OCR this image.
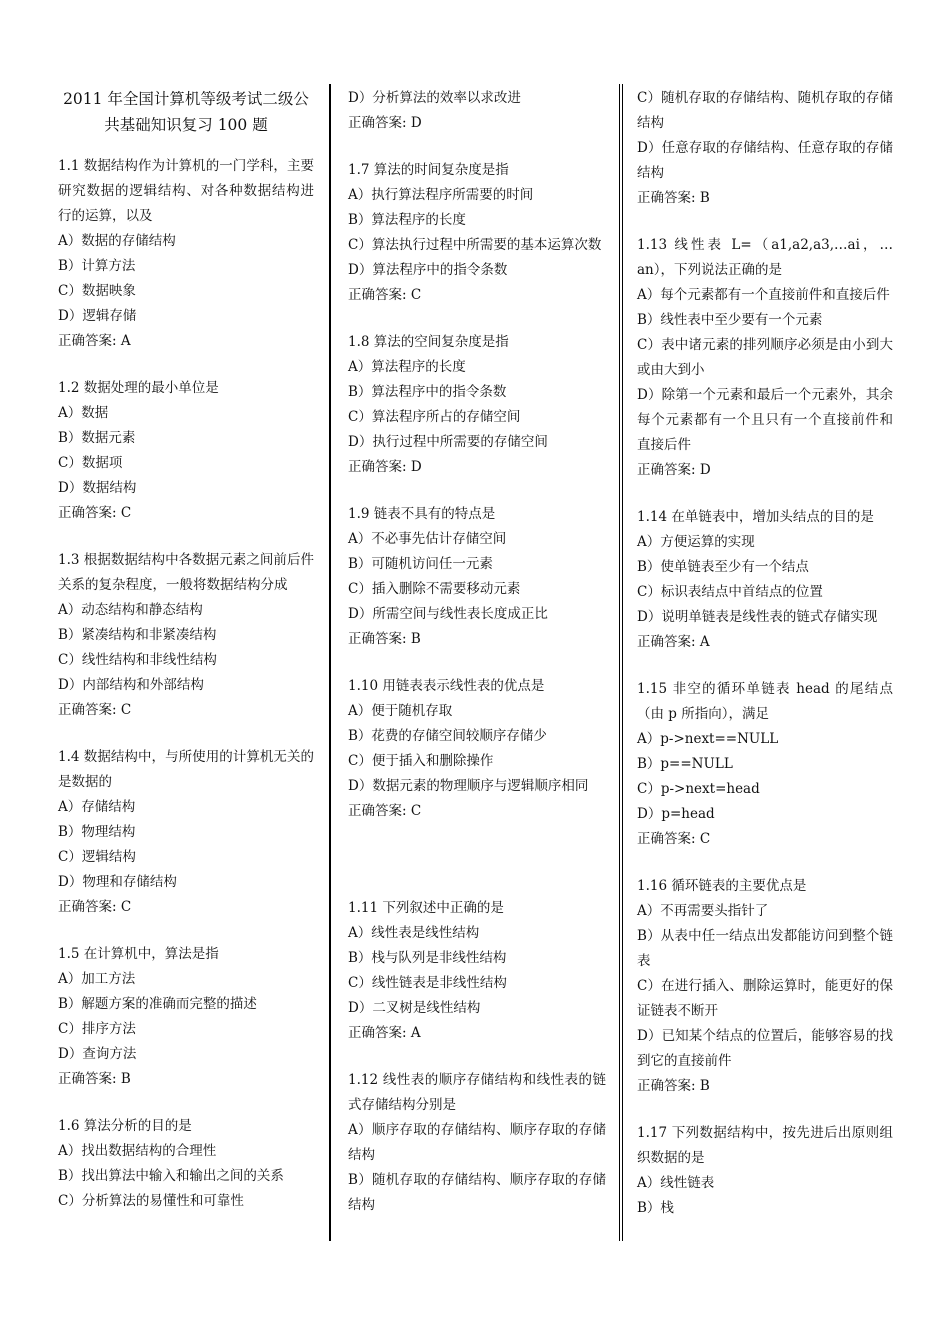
2011 年全国计算机等级考试二级公共基础知识复习 100 题
1.1 数据结构作为计算机的一门学科，主要研究数据的逻辑结构、对各种数据结构进行的运算，以及
A）数据的存储结构
B）计算方法
C）数据映象
D）逻辑存储
正确答案: A
1.2 数据处理的最小单位是
A）数据
B）数据元素
C）数据项
D）数据结构
正确答案: C
1.3 根据数据结构中各数据元素之间前后件关系的复杂程度，一般将数据结构分成
A）动态结构和静态结构
B）紧凑结构和非紧凑结构
C）线性结构和非线性结构
D）内部结构和外部结构
正确答案: C
1.4 数据结构中，与所使用的计算机无关的是数据的
A）存储结构
B）物理结构
C）逻辑结构
D）物理和存储结构
正确答案: C
1.5 在计算机中，算法是指
A）加工方法
B）解题方案的准确而完整的描述
C）排序方法
D）查询方法
正确答案: B
1.6 算法分析的目的是
A）找出数据结构的合理性
B）找出算法中输入和输出之间的关系
C）分析算法的易懂性和可靠性
D）分析算法的效率以求改进
正确答案: D
1.7 算法的时间复杂度是指
A）执行算法程序所需要的时间
B）算法程序的长度
C）算法执行过程中所需要的基本运算次数
D）算法程序中的指令条数
正确答案: C
1.8 算法的空间复杂度是指
A）算法程序的长度
B）算法程序中的指令条数
C）算法程序所占的存储空间
D）执行过程中所需要的存储空间
正确答案: D
1.9 链表不具有的特点是
A）不必事先估计存储空间
B）可随机访问任一元素
C）插入删除不需要移动元素
D）所需空间与线性表长度成正比
正确答案: B
1.10 用链表表示线性表的优点是
A）便于随机存取
B）花费的存储空间较顺序存储少
C）便于插入和删除操作
D）数据元素的物理顺序与逻辑顺序相同
正确答案: C
1.11 下列叙述中正确的是
A）线性表是线性结构
B）栈与队列是非线性结构
C）线性链表是非线性结构
D）二叉树是线性结构
正确答案: A
1.12 线性表的顺序存储结构和线性表的链式存储结构分别是
A）顺序存取的存储结构、顺序存取的存储结构
B）随机存取的存储结构、顺序存取的存储结构
C）随机存取的存储结构、随机存取的存储结构
D）任意存取的存储结构、任意存取的存储结构
正确答案: B
1.13 线性表 L=（a1,a2,a3,…ai，…an），下列说法正确的是
A）每个元素都有一个直接前件和直接后件
B）线性表中至少要有一个元素
C）表中诸元素的排列顺序必须是由小到大或由大到小
D）除第一个元素和最后一个元素外，其余每个元素都有一个且只有一个直接前件和直接后件
正确答案: D
1.14 在单链表中，增加头结点的目的是
A）方便运算的实现
B）使单链表至少有一个结点
C）标识表结点中首结点的位置
D）说明单链表是线性表的链式存储实现
正确答案: A
1.15 非空的循环单链表 head 的尾结点（由 p 所指向），满足
A）p->next==NULL
B）p==NULL
C）p->next=head
D）p=head
正确答案: C
1.16 循环链表的主要优点是
A）不再需要头指针了
B）从表中任一结点出发都能访问到整个链表
C）在进行插入、删除运算时，能更好的保证链表不断开
D）已知某个结点的位置后，能够容易的找到它的直接前件
正确答案: B
1.17 下列数据结构中，按先进后出原则组织数据的是
A）线性链表
B）栈
